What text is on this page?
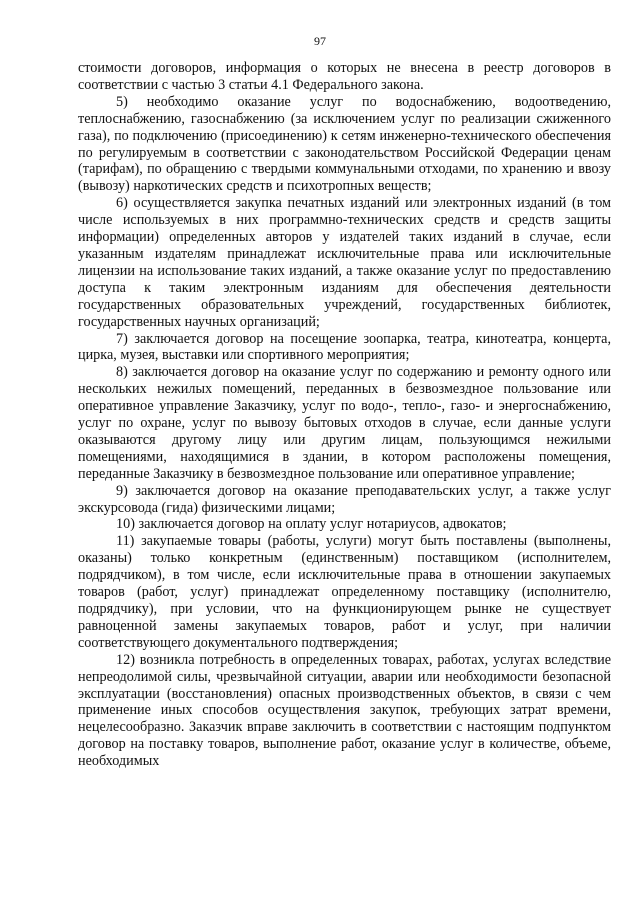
97

стоимости договоров, информация о которых не внесена в реестр договоров в соответствии с частью 3 статьи 4.1 Федерального закона.

5) необходимо оказание услуг по водоснабжению, водоотведению, теплоснабжению, газоснабжению (за исключением услуг по реализации сжиженного газа), по подключению (присоединению) к сетям инженерно-технического обеспечения по регулируемым в соответствии с законодательством Российской Федерации ценам (тарифам), по обращению с твердыми коммунальными отходами, по хранению и ввозу (вывозу) наркотических средств и психотропных веществ;

6) осуществляется закупка печатных изданий или электронных изданий (в том числе используемых в них программно-технических средств и средств защиты информации) определенных авторов у издателей таких изданий в случае, если указанным издателям принадлежат исключительные права или исключительные лицензии на использование таких изданий, а также оказание услуг по предоставлению доступа к таким электронным изданиям для обеспечения деятельности государственных образовательных учреждений, государственных библиотек, государственных научных организаций;

7) заключается договор на посещение зоопарка, театра, кинотеатра, концерта, цирка, музея, выставки или спортивного мероприятия;

8) заключается договор на оказание услуг по содержанию и ремонту одного или нескольких нежилых помещений, переданных в безвозмездное пользование или оперативное управление Заказчику, услуг по водо-, тепло-, газо- и энергоснабжению, услуг по охране, услуг по вывозу бытовых отходов в случае, если данные услуги оказываются другому лицу или другим лицам, пользующимся нежилыми помещениями, находящимися в здании, в котором расположены помещения, переданные Заказчику в безвозмездное пользование или оперативное управление;

9) заключается договор на оказание преподавательских услуг, а также услуг экскурсовода (гида) физическими лицами;

10) заключается договор на оплату услуг нотариусов, адвокатов;

11) закупаемые товары (работы, услуги) могут быть поставлены (выполнены, оказаны) только конкретным (единственным) поставщиком (исполнителем, подрядчиком), в том числе, если исключительные права в отношении закупаемых товаров (работ, услуг) принадлежат определенному поставщику (исполнителю, подрядчику), при условии, что на функционирующем рынке не существует равноценной замены закупаемых товаров, работ и услуг, при наличии соответствующего документального подтверждения;

12) возникла потребность в определенных товарах, работах, услугах вследствие непреодолимой силы, чрезвычайной ситуации, аварии или необходимости безопасной эксплуатации (восстановления) опасных производственных объектов, в связи с чем применение иных способов осуществления закупок, требующих затрат времени, нецелесообразно. Заказчик вправе заключить в соответствии с настоящим подпунктом договор на поставку товаров, выполнение работ, оказание услуг в количестве, объеме, необходимых
